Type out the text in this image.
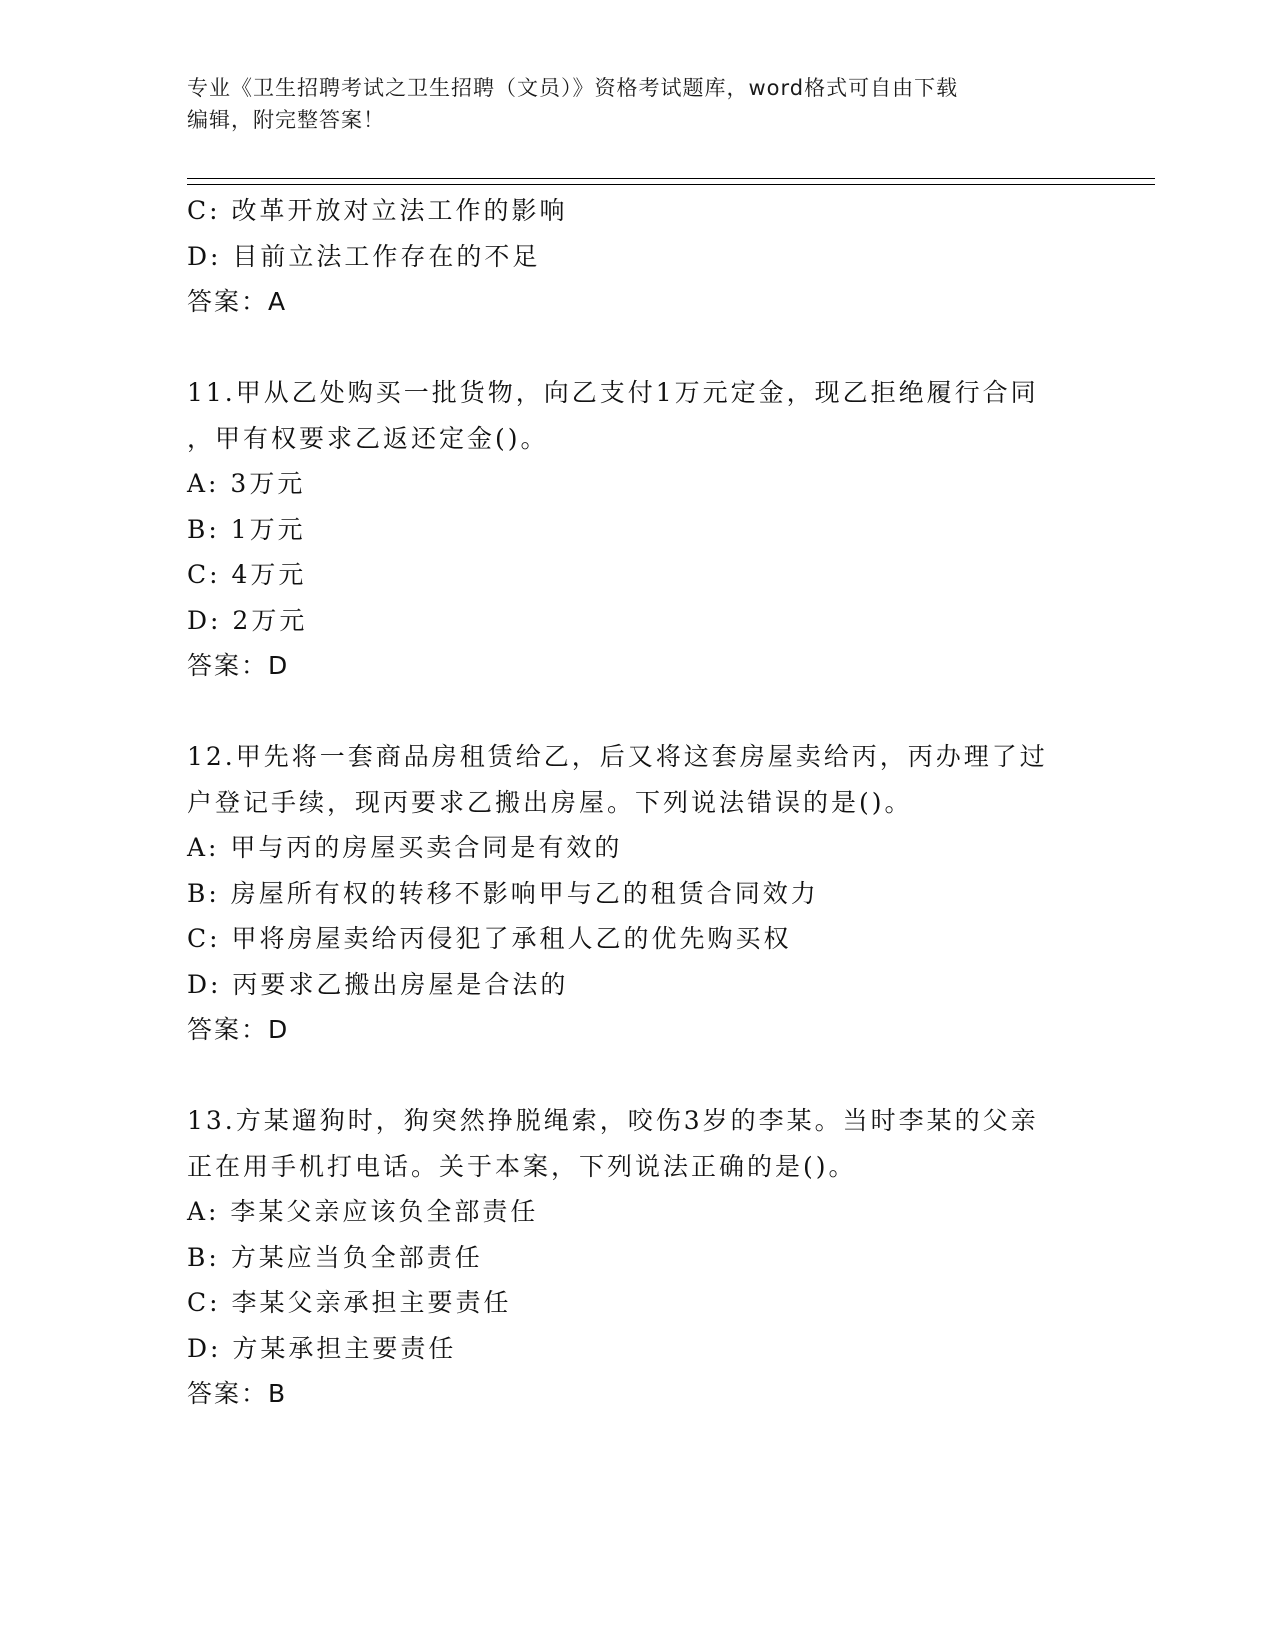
专业《卫生招聘考试之卫生招聘（文员）》资格考试题库，word格式可自由下载
编辑，附完整答案！
C: 改革开放对立法工作的影响
D: 目前立法工作存在的不足
答案：A
11.甲从乙处购买一批货物，向乙支付1万元定金，现乙拒绝履行合同
，甲有权要求乙返还定金()。
A: 3万元
B: 1万元
C: 4万元
D: 2万元
答案：D
12.甲先将一套商品房租赁给乙，后又将这套房屋卖给丙，丙办理了过
户登记手续，现丙要求乙搬出房屋。下列说法错误的是()。
A: 甲与丙的房屋买卖合同是有效的
B: 房屋所有权的转移不影响甲与乙的租赁合同效力
C: 甲将房屋卖给丙侵犯了承租人乙的优先购买权
D: 丙要求乙搬出房屋是合法的
答案：D
13.方某遛狗时，狗突然挣脱绳索，咬伤3岁的李某。当时李某的父亲
正在用手机打电话。关于本案，下列说法正确的是()。
A: 李某父亲应该负全部责任
B: 方某应当负全部责任
C: 李某父亲承担主要责任
D: 方某承担主要责任
答案：B
